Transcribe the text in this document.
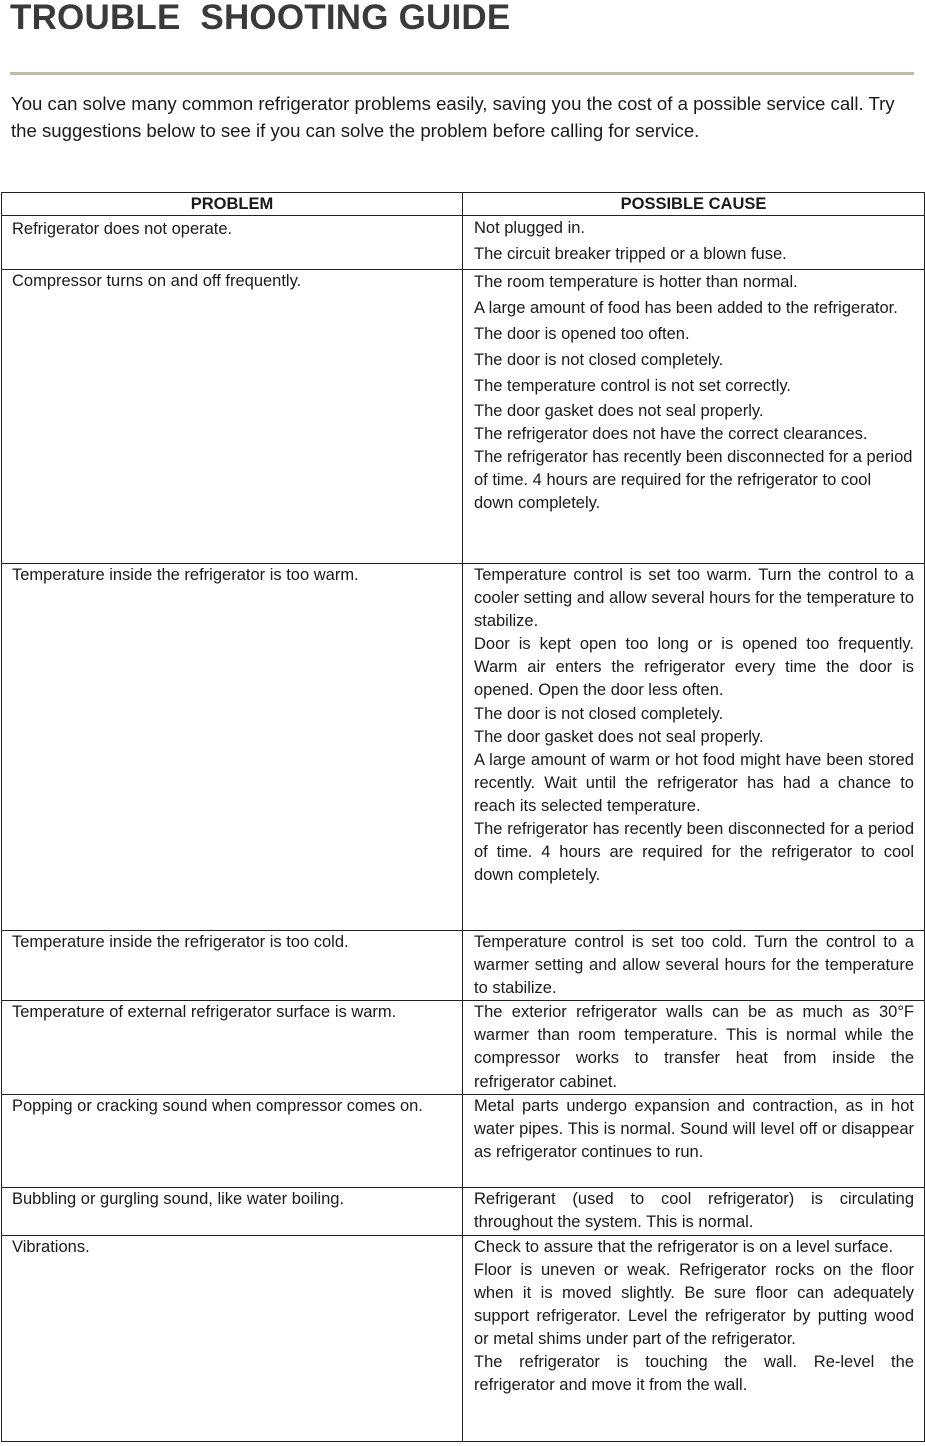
TROUBLE  SHOOTING GUIDE

You can solve many common refrigerator problems easily, saving you the cost of a possible service call. Try the suggestions below to see if you can solve the problem before calling for service.

PROBLEM	POSSIBLE CAUSE
Refrigerator does not operate.	Not plugged in.

The circuit breaker tripped or a blown fuse.

Compressor turns on and off frequently.	The room temperature is hotter than normal.

A large amount of food has been added to the refrigerator.

The door is opened too often.

The door is not closed completely.

The temperature control is not set correctly.

The door gasket does not seal properly.

The refrigerator does not have the correct clearances.

The refrigerator has recently been disconnected for a period of time. 4 hours are required for the refrigerator to cool down completely.

Temperature inside the refrigerator is too warm.	Temperature control is set too warm. Turn the control to a cooler setting and allow several hours for the temperature to stabilize.

Door is kept open too long or is opened too frequently. Warm air enters the refrigerator every time the door is opened. Open the door less often.

The door is not closed completely.

The door gasket does not seal properly.

A large amount of warm or hot food might have been stored recently. Wait until the refrigerator has had a chance to reach its selected temperature.

The refrigerator has recently been disconnected for a period of time. 4 hours are required for the refrigerator to cool down completely.

Temperature inside the refrigerator is too cold.	Temperature control is set too cold. Turn the control to a warmer setting and allow several hours for the temperature to stabilize.

Temperature of external refrigerator surface is warm.	The exterior refrigerator walls can be as much as 30°F warmer than room temperature. This is normal while the compressor works to transfer heat from inside the refrigerator cabinet.

Popping or cracking sound when compressor comes on.	Metal parts undergo expansion and contraction, as in hot water pipes. This is normal. Sound will level off or disappear as refrigerator continues to run.

Bubbling or gurgling sound, like water boiling.	Refrigerant (used to cool refrigerator) is circulating throughout the system. This is normal.

Vibrations.	Check to assure that the refrigerator is on a level surface.

Floor is uneven or weak. Refrigerator rocks on the floor when it is moved slightly. Be sure floor can adequately support refrigerator. Level the refrigerator by putting wood or metal shims under part of the refrigerator.

The refrigerator is touching the wall. Re-level the refrigerator and move it from the wall.
